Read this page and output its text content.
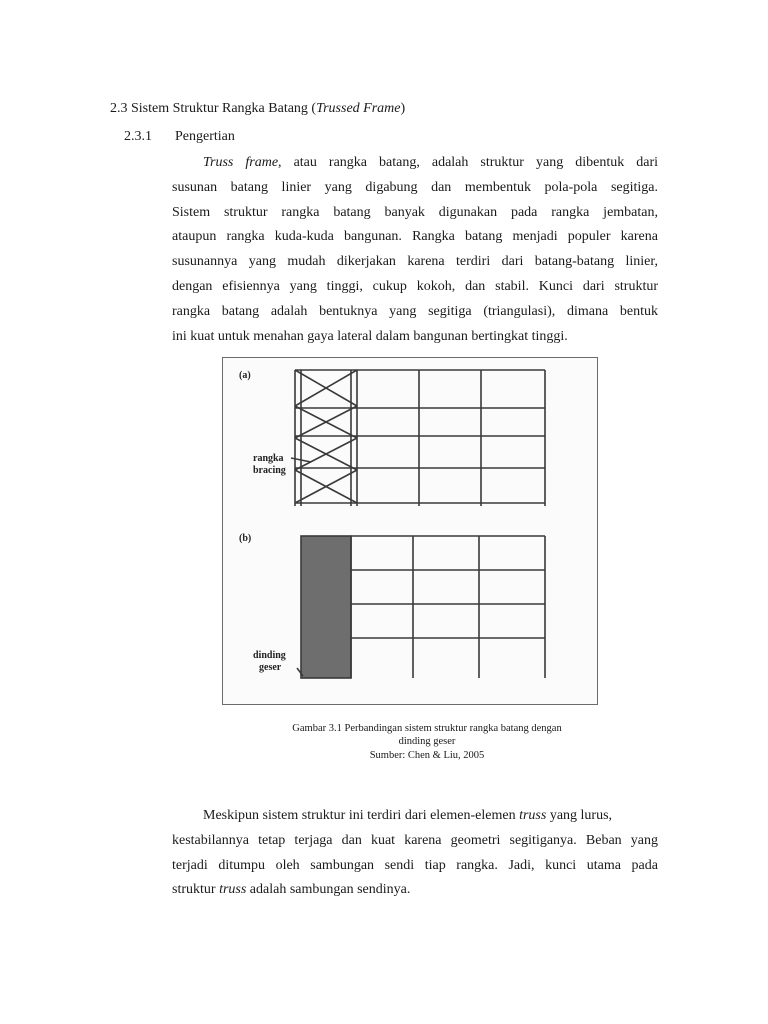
2.3 Sistem Struktur Rangka Batang (Trussed Frame)
2.3.1 Pengertian
Truss frame, atau rangka batang, adalah struktur yang dibentuk dari
susunan batang linier yang digabung dan membentuk pola-pola segitiga.
Sistem struktur rangka batang banyak digunakan pada rangka jembatan,
ataupun rangka kuda-kuda bangunan. Rangka batang menjadi populer karena
susunannya yang mudah dikerjakan karena terdiri dari batang-batang linier,
dengan efisiennya yang tinggi, cukup kokoh, dan stabil. Kunci dari struktur
rangka batang adalah bentuknya yang segitiga (triangulasi), dimana bentuk
ini kuat untuk menahan gaya lateral dalam bangunan bertingkat tinggi.
(a)
(b)
rangka
bracing
dinding
geser
Gambar 3.1 Perbandingan sistem struktur rangka batang dengan
dinding geser
Sumber: Chen & Liu, 2005
Meskipun sistem struktur ini terdiri dari elemen-elemen truss yang lurus,
kestabilannya tetap terjaga dan kuat karena geometri segitiganya. Beban yang
terjadi ditumpu oleh sambungan sendi tiap rangka. Jadi, kunci utama pada
struktur truss adalah sambungan sendinya.
